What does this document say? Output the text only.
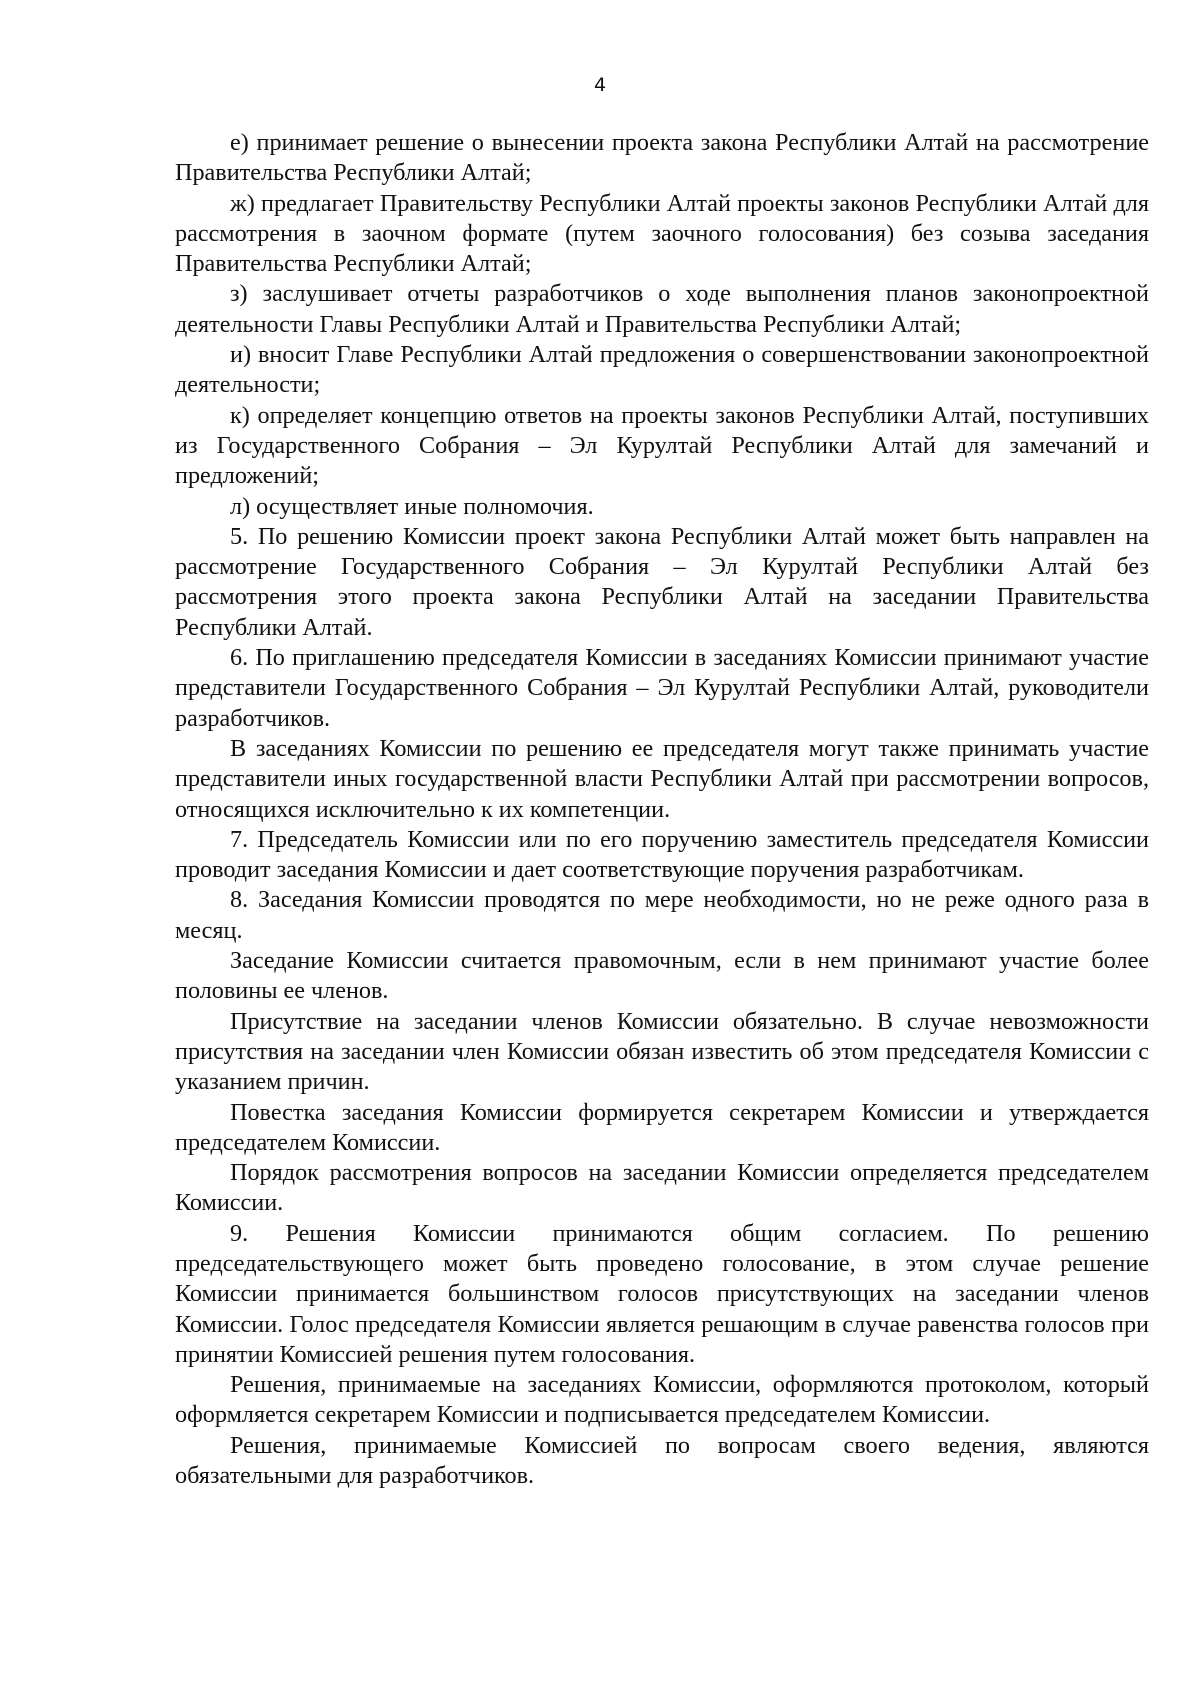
4

е) принимает решение о вынесении проекта закона Республики Алтай на рассмотрение Правительства Республики Алтай;

ж) предлагает Правительству Республики Алтай проекты законов Республики Алтай для рассмотрения в заочном формате (путем заочного голосования) без созыва заседания Правительства Республики Алтай;

з) заслушивает отчеты разработчиков о ходе выполнения планов законопроектной деятельности Главы Республики Алтай и Правительства Республики Алтай;

и) вносит Главе Республики Алтай предложения о совершенствовании законопроектной деятельности;

к) определяет концепцию ответов на проекты законов Республики Алтай, поступивших из Государственного Собрания – Эл Курултай Республики Алтай для замечаний и предложений;

л) осуществляет иные полномочия.

5. По решению Комиссии проект закона Республики Алтай может быть направлен на рассмотрение Государственного Собрания – Эл Курултай Республики Алтай без рассмотрения этого проекта закона Республики Алтай на заседании Правительства Республики Алтай.

6. По приглашению председателя Комиссии в заседаниях Комиссии принимают участие представители Государственного Собрания – Эл Курултай Республики Алтай, руководители разработчиков.

В заседаниях Комиссии по решению ее председателя могут также принимать участие представители иных государственной власти Республики Алтай при рассмотрении вопросов, относящихся исключительно к их компетенции.

7. Председатель Комиссии или по его поручению заместитель председателя Комиссии проводит заседания Комиссии и дает соответствующие поручения разработчикам.

8. Заседания Комиссии проводятся по мере необходимости, но не реже одного раза в месяц.

Заседание Комиссии считается правомочным, если в нем принимают участие более половины ее членов.

Присутствие на заседании членов Комиссии обязательно. В случае невозможности присутствия на заседании член Комиссии обязан известить об этом председателя Комиссии с указанием причин.

Повестка заседания Комиссии формируется секретарем Комиссии и утверждается председателем Комиссии.

Порядок рассмотрения вопросов на заседании Комиссии определяется председателем Комиссии.

9. Решения Комиссии принимаются общим согласием. По решению председательствующего может быть проведено голосование, в этом случае решение Комиссии принимается большинством голосов присутствующих на заседании членов Комиссии. Голос председателя Комиссии является решающим в случае равенства голосов при принятии Комиссией решения путем голосования.

Решения, принимаемые на заседаниях Комиссии, оформляются протоколом, который оформляется секретарем Комиссии и подписывается председателем Комиссии.

Решения, принимаемые Комиссией по вопросам своего ведения, являются обязательными для разработчиков.
